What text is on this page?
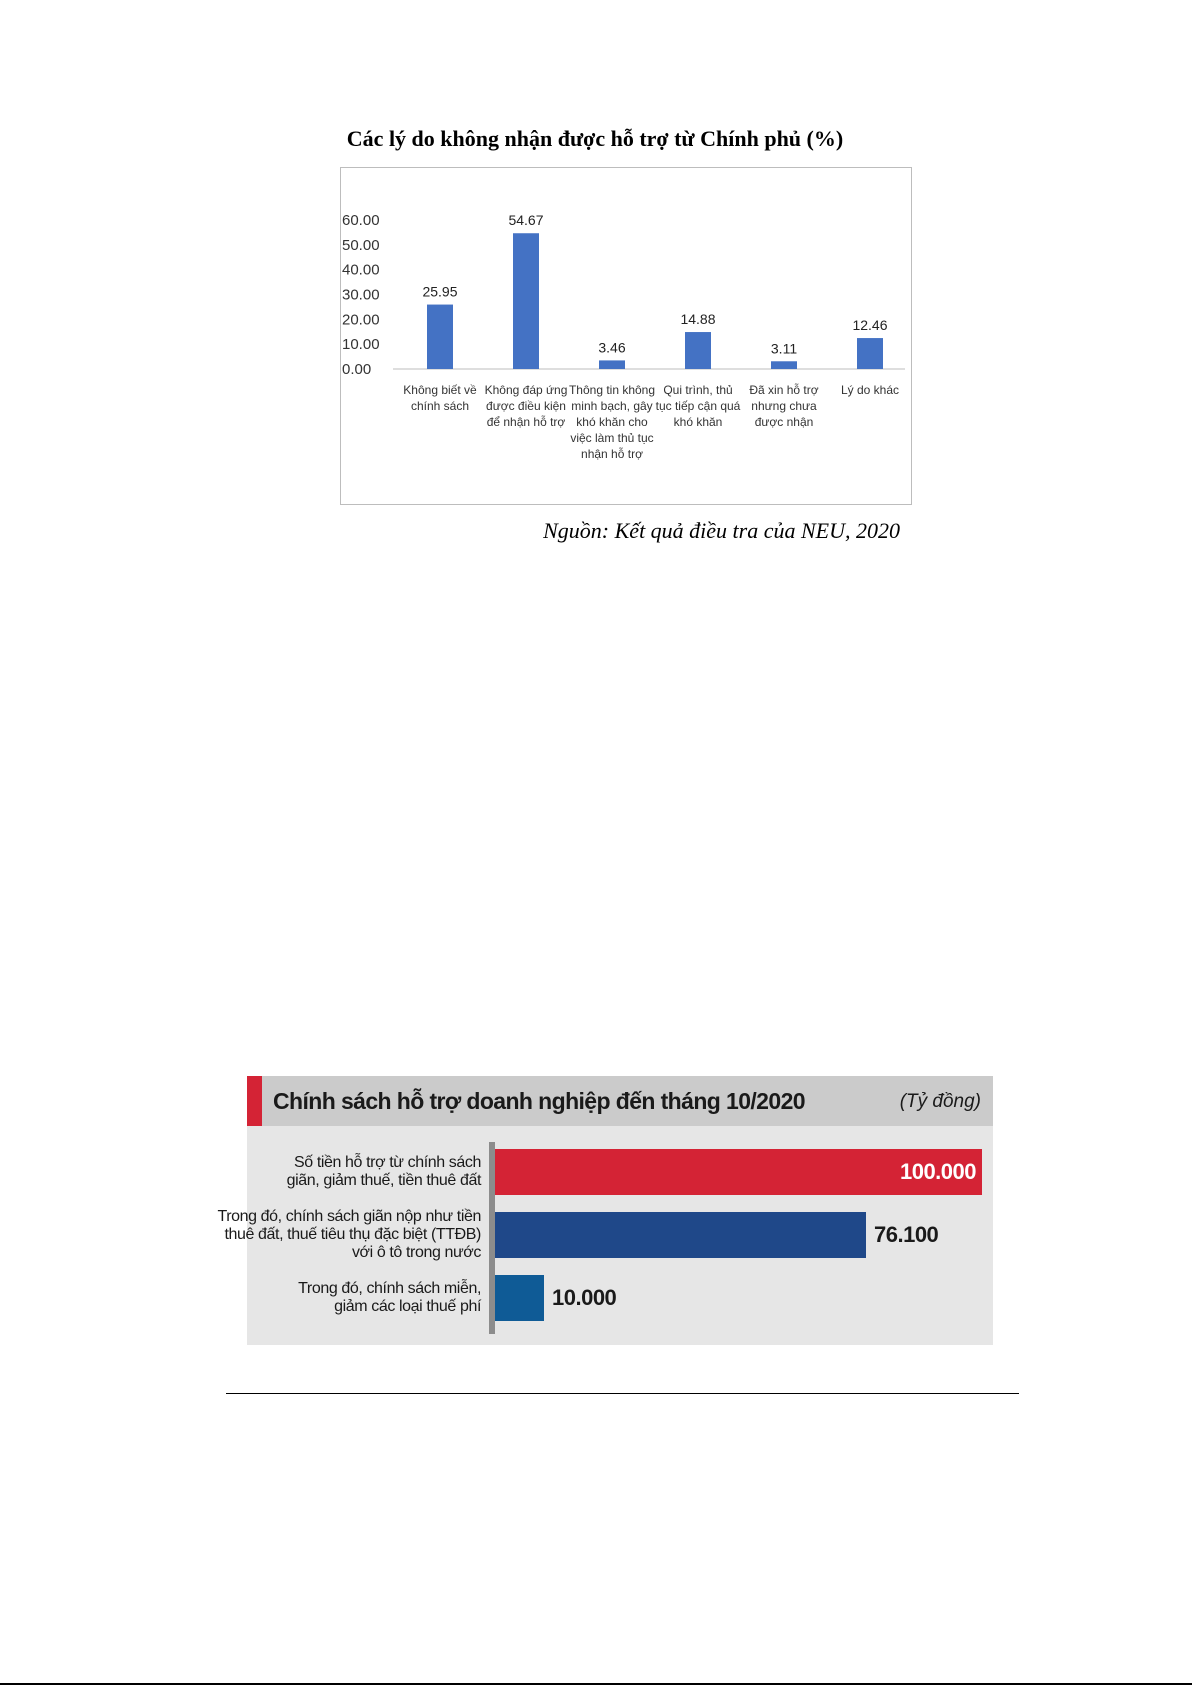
Các lý do không nhận được hỗ trợ từ Chính phủ (%)
0.00
10.00
20.00
30.00
40.00
50.00
60.00
25.95
Không biết về
chính sách
54.67
Không đáp ứng
được điều kiện
để nhận hỗ trợ
3.46
Thông tin không
minh bạch, gây
khó khăn cho
việc làm thủ tục
nhận hỗ trợ
14.88
Qui trình, thủ
tục tiếp cận quá
khó khăn
3.11
Đã xin hỗ trợ
nhưng chưa
được nhận
12.46
Lý do khác
Nguồn: Kết quả điều tra của NEU, 2020
Chính sách hỗ trợ doanh nghiệp đến tháng 10/2020	(Tỷ đồng)
100.000
Số tiền hỗ trợ từ chính sách
giãn, giảm thuế, tiền thuê đất
76.100
Trong đó, chính sách giãn nộp như tiền
thuê đất, thuế tiêu thụ đặc biệt (TTĐB)
với ô tô trong nước
10.000
Trong đó, chính sách miễn,
giảm các loại thuế phí
